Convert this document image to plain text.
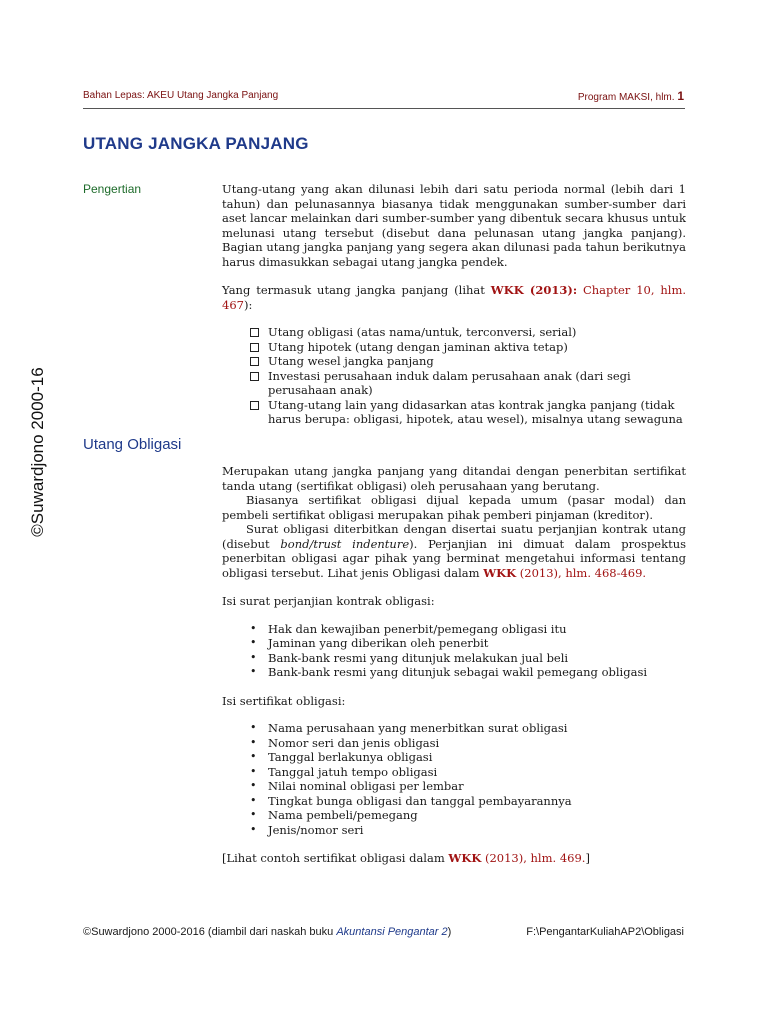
Bahan Lepas: AKEU Utang Jangka Panjang	Program MAKSI, hlm. 1
UTANG JANGKA PANJANG
©Suwardjono 2000-16
Pengertian	Utang-utang yang akan dilunasi lebih dari satu perioda normal (lebih dari 1 tahun) dan pelunasannya biasanya tidak menggunakan sumber-sumber dari aset lancar melainkan dari sumber-sumber yang dibentuk secara khusus untuk melunasi utang tersebut (disebut dana pelunasan utang jangka panjang). Bagian utang jangka panjang yang segera akan dilunasi pada tahun berikutnya harus dimasukkan sebagai utang jangka pendek.

Yang termasuk utang jangka panjang (lihat WKK (2013): Chapter 10, hlm. 467):

Utang obligasi (atas nama/untuk, terconversi, serial)
Utang hipotek (utang dengan jaminan aktiva tetap)
Utang wesel jangka panjang
Investasi perusahaan induk dalam perusahaan anak (dari segi perusahaan anak)
Utang-utang lain yang didasarkan atas kontrak jangka panjang (tidak harus berupa: obligasi, hipotek, atau wesel), misalnya utang sewaguna
Utang Obligasi

Merupakan utang jangka panjang yang ditandai dengan penerbitan sertifikat tanda utang (sertifikat obligasi) oleh perusahaan yang berutang.

Biasanya sertifikat obligasi dijual kepada umum (pasar modal) dan pembeli sertifikat obligasi merupakan pihak pemberi pinjaman (kreditor).

Surat obligasi diterbitkan dengan disertai suatu perjanjian kontrak utang (disebut bond/trust indenture). Perjanjian ini dimuat dalam prospektus penerbitan obligasi agar pihak yang berminat mengetahui informasi tentang obligasi tersebut. Lihat jenis Obligasi dalam WKK (2013), hlm. 468-469.

Isi surat perjanjian kontrak obligasi:

•	Hak dan kewajiban penerbit/pemegang obligasi itu
•	Jaminan yang diberikan oleh penerbit
•	Bank-bank resmi yang ditunjuk melakukan jual beli
•	Bank-bank resmi yang ditunjuk sebagai wakil pemegang obligasi

Isi sertifikat obligasi:

•	Nama perusahaan yang menerbitkan surat obligasi
•	Nomor seri dan jenis obligasi
•	Tanggal berlakunya obligasi
•	Tanggal jatuh tempo obligasi
•	Nilai nominal obligasi per lembar
•	Tingkat bunga obligasi dan tanggal pembayarannya
•	Nama pembeli/pemegang
•	Jenis/nomor seri

[Lihat contoh sertifikat obligasi dalam WKK (2013), hlm. 469.]

©Suwardjono 2000-2016 (diambil dari naskah buku Akuntansi Pengantar 2)	F:\PengantarKuliahAP2\Obligasi
